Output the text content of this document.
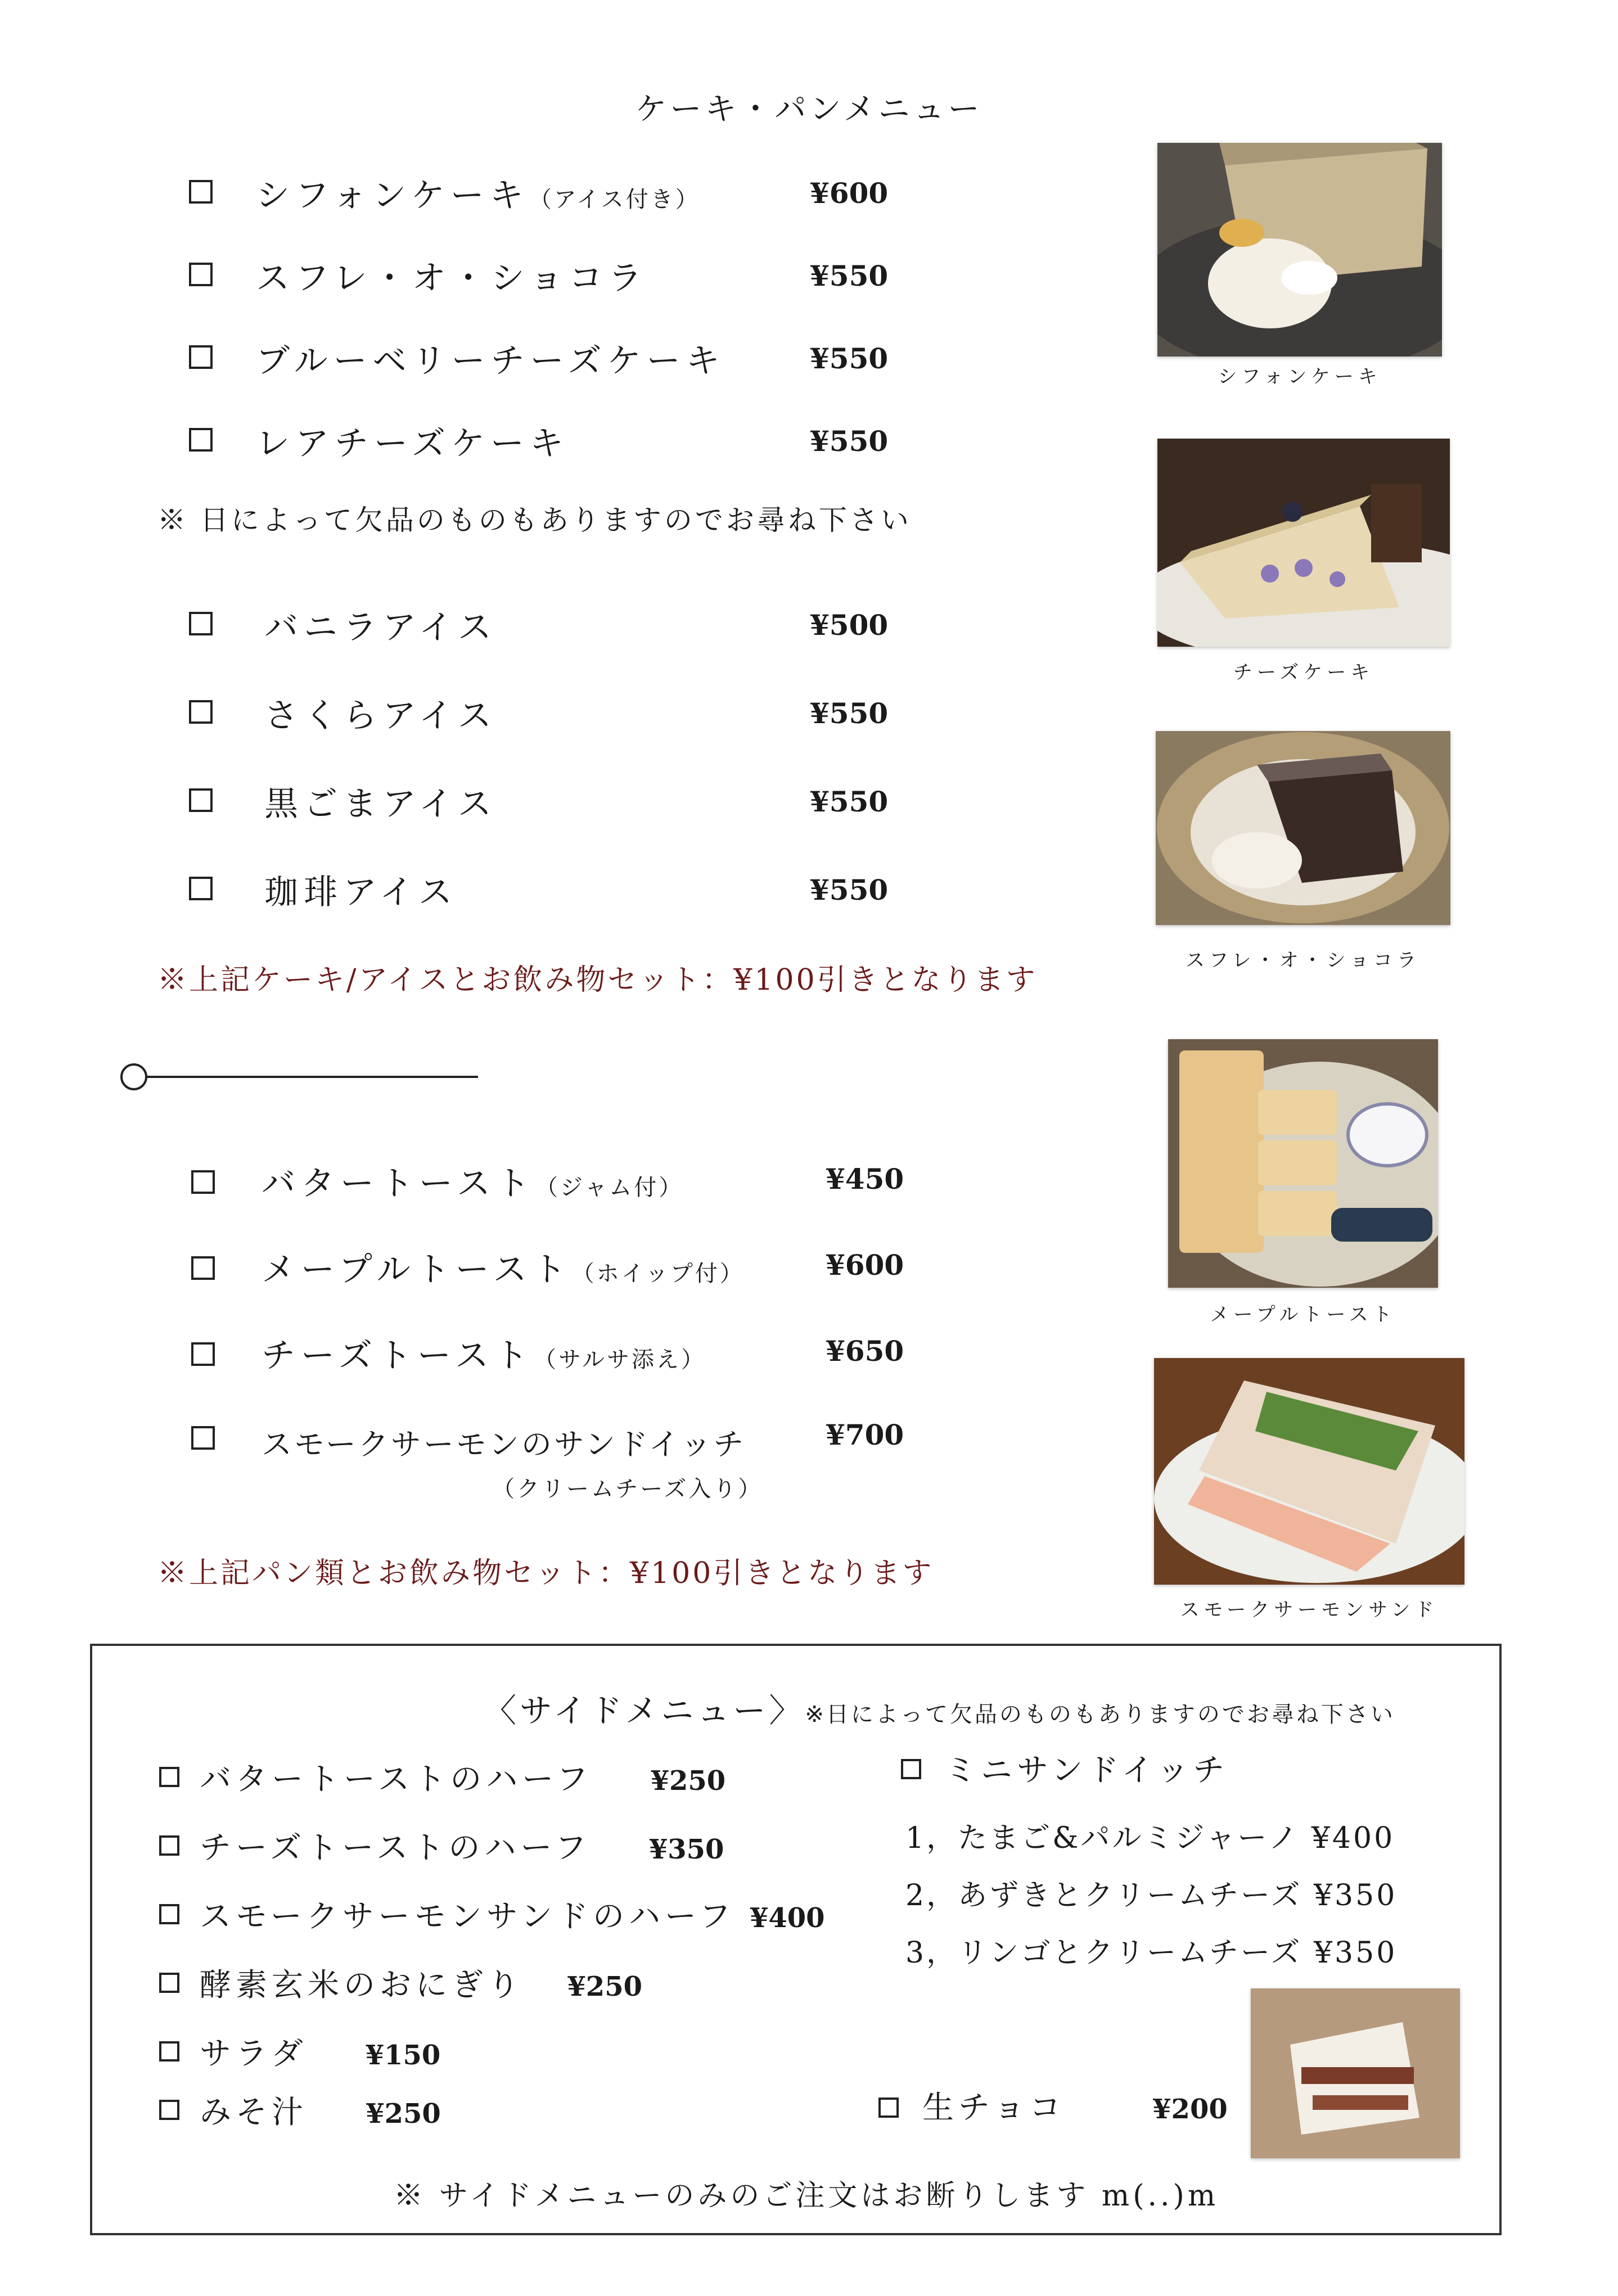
ケーキ・パンメニュー
シフォンケーキ（アイス付き）	¥600
スフレ・オ・ショコラ	¥550
ブルーベリーチーズケーキ	¥550
レアチーズケーキ	¥550
※ 日によって欠品のものもありますのでお尋ね下さい
バニラアイス	¥500
さくらアイス	¥550
黒ごまアイス	¥550
珈琲アイス	¥550
※上記ケーキ/アイスとお飲み物セット：¥100引きとなります
バタートースト（ジャム付）	¥450
メープルトースト（ホイップ付）	¥600
チーズトースト（サルサ添え）	¥650
スモークサーモンのサンドイッチ
（クリームチーズ入り）
¥700
※上記パン類とお飲み物セット：¥100引きとなります
シフォンケーキ
チーズケーキ
スフレ・オ・ショコラ
メープルトースト
スモークサーモンサンド
〈サイドメニュー〉※日によって欠品のものもありますのでお尋ね下さい
バタートーストのハーフ ¥250
チーズトーストのハーフ ¥350
スモークサーモンサンドのハーフ ¥400
酵素玄米のおにぎり ¥250
サラダ ¥150
みそ汁 ¥250
ミニサンドイッチ
1，たまご&パルミジャーノ ¥400
2，あずきとクリームチーズ ¥350
3，リンゴとクリームチーズ ¥350
生チョコ	¥200
※ サイドメニューのみのご注文はお断りします m(..)m
